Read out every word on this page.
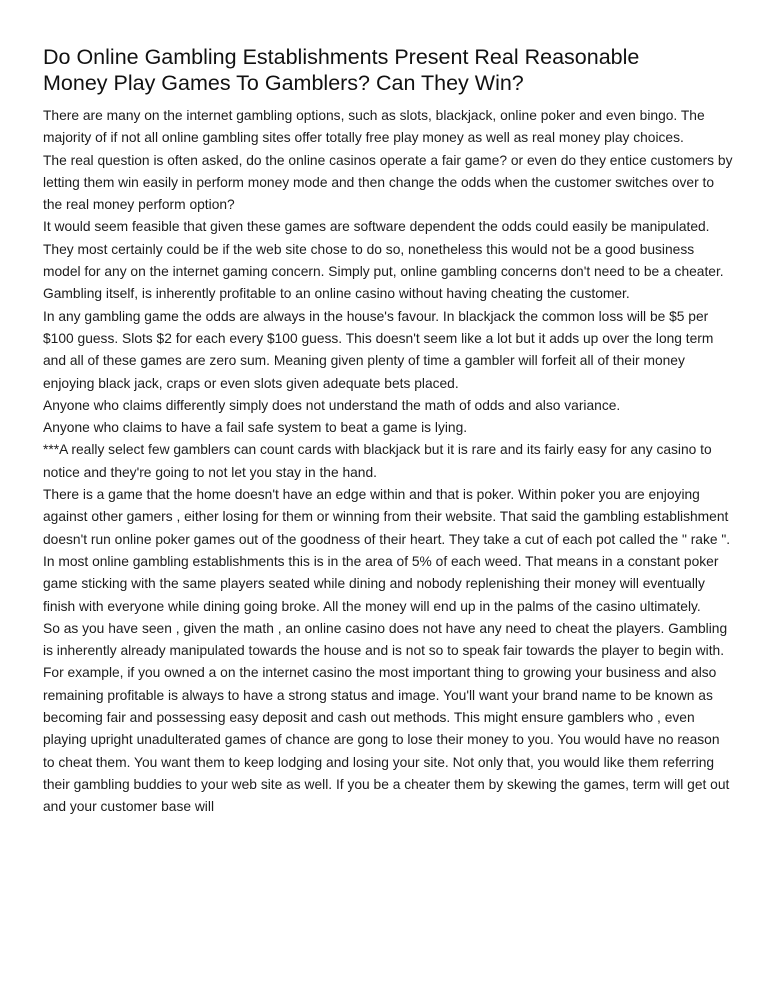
Do Online Gambling Establishments Present Real Reasonable
Money Play Games To Gamblers? Can They Win?

There are many on the internet gambling options, such as slots, blackjack, online poker and even bingo. The majority of if not all online gambling sites offer totally free play money as well as real money play choices.

The real question is often asked, do the online casinos operate a fair game? or even do they entice customers by letting them win easily in perform money mode and then change the odds when the customer switches over to the real money perform option?

It would seem feasible that given these games are software dependent the odds could easily be manipulated. They most certainly could be if the web site chose to do so, nonetheless this would not be a good business model for any on the internet gaming concern. Simply put, online gambling concerns don't need to be a cheater. Gambling itself, is inherently profitable to an online casino without having cheating the customer.

In any gambling game the odds are always in the house's favour. In blackjack the common loss will be $5 per $100 guess. Slots $2 for each every $100 guess. This doesn't seem like a lot but it adds up over the long term and all of these games are zero sum. Meaning given plenty of time a gambler will forfeit all of their money enjoying black jack, craps or even slots given adequate bets placed.

Anyone who claims differently simply does not understand the math of odds and also variance.

Anyone who claims to have a fail safe system to beat a game is lying.

***A really select few gamblers can count cards with blackjack but it is rare and its fairly easy for any casino to notice and they're going to not let you stay in the hand.

There is a game that the home doesn't have an edge within and that is poker. Within poker you are enjoying against other gamers , either losing for them or winning from their website. That said the gambling establishment doesn't run online poker games out of the goodness of their heart. They take a cut of each pot called the " rake ". In most online gambling establishments this is in the area of 5% of each weed. That means in a constant poker game sticking with the same players seated while dining and nobody replenishing their money will eventually finish with everyone while dining going broke. All the money will end up in the palms of the casino ultimately.

So as you have seen , given the math , an online casino does not have any need to cheat the players. Gambling is inherently already manipulated towards the house and is not so to speak fair towards the player to begin with.

For example, if you owned a on the internet casino the most important thing to growing your business and also remaining profitable is always to have a strong status and image. You'll want your brand name to be known as becoming fair and possessing easy deposit and cash out methods. This might ensure gamblers who , even playing upright unadulterated games of chance are gong to lose their money to you. You would have no reason to cheat them. You want them to keep lodging and losing your site. Not only that, you would like them referring their gambling buddies to your web site as well. If you be a cheater them by skewing the games, term will get out and your customer base will
